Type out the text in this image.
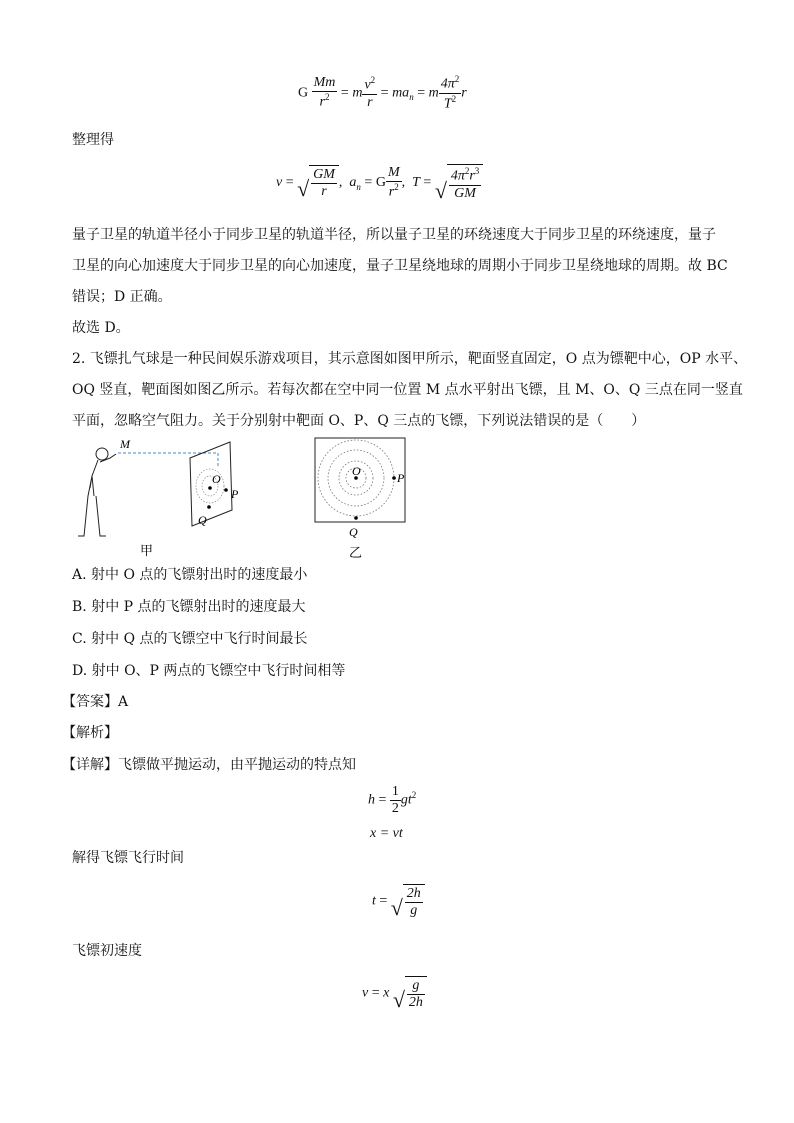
G $\frac{Mm}{r^2} = m \frac{v^2}{r} = ma_n = m \frac{4\pi^2}{T^2}$ r
整理得
v = √ $\frac{GM}{r}$ ,  $a_n = G \frac{M}{r^2}$ ,  T = √ $\frac{4\pi^2r^3}{GM}$
量子卫星的轨道半径小于同步卫星的轨道半径，所以量子卫星的环绕速度大于同步卫星的环绕速度，量子
卫星的向心加速度大于同步卫星的向心加速度，量子卫星绕地球的周期小于同步卫星绕地球的周期。故 BC
错误；D 正确。
故选 D。
2. 飞镖扎气球是一种民间娱乐游戏项目，其示意图如图甲所示，靶面竖直固定，O 点为镖靶中心，OP 水平、
OQ 竖直，靶面图如图乙所示。若每次都在空中同一位置 M 点水平射出飞镖，且 M、O、Q 三点在同一竖直
平面，忽略空气阻力。关于分别射中靶面 O、P、Q 三点的飞镖，下列说法错误的是（　　）
M
O
P
Q
甲
O	P
Q
乙
A. 射中 O 点的飞镖射出时的速度最小
B. 射中 P 点的飞镖射出时的速度最大
C. 射中 Q 点的飞镖空中飞行时间最长
D. 射中 O、P 两点的飞镖空中飞行时间相等
【答案】A
【解析】
【详解】飞镖做平抛运动，由平抛运动的特点知
$h = \frac{1}{2} gt^2$
x = vt
解得飞镖飞行时间
t = √ $\frac{2h}{g}$
飞镖初速度
v = x √ $\frac{g}{2h}$
